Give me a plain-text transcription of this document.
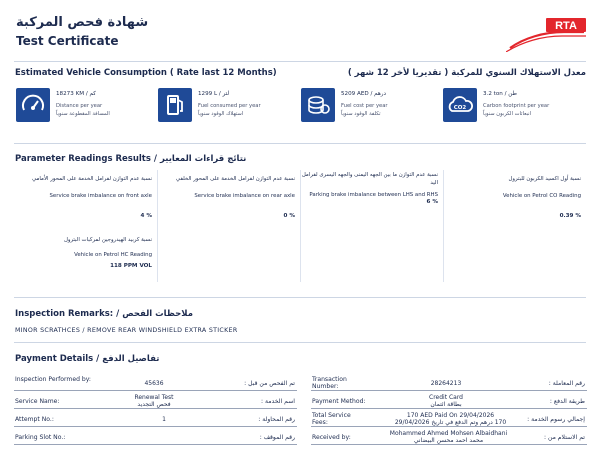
شهادة فحص المركبة
Test Certificate
RTA
Estimated Vehicle Consumption ( Rate last 12 Months)	معدل الاستهلاك السنوي للمركبة ( تقديريا لأخر 12 شهر )
18273 KM / كم
Distance per year
المسافة المقطوعة سنوياً
1299 L / لتر
Fuel consumed per year
استهلاك الوقود سنوياً
5209 AED / درهم
Fuel cost per year
تكلفة الوقود سنوياً
CO2
3.2 ton / طن
Carbon footprint per year
انبعاثات الكربون سنوياً
Parameter Readings Results / نتائج قراءات المعايير
نسبة عدم التوازن لفرامل الخدمة على المحور الأمامي
Service brake imbalance on front axle
4 %
نسبة عدم التوازن لفرامل الخدمة على المحور الخلفي
Service brake imbalance on rear axle
0 %
نسبة عدم التوازن ما بين الجهه اليمنى والجهه اليسرى لفرامل اليد
Parking brake imbalance between LHS and RHS
6 %
نسبة أول اكسيد الكربون للبترول
Vehicle on Petrol CO Reading
0.39 %
نسبة كربيد الهيدروجين لمركبات البترول
Vehicle on Petrol HC Reading
118 PPM VOL
Inspection Remarks: / ملاحظات الفحص
MINOR SCRATHCES / REMOVE REAR WINDSHIELD EXTRA STICKER
Payment Details / تفاصيل الدفع
Inspection Performed by:
45636	تم الفحص من قبل :
Service Name:
Renewal Test
فحص التجديد	اسم الخدمة :
Attempt No.:	1	رقم المحاولة :
Parking Slot No.:	رقم الموقف :
Transaction Number:	28264213	رقم المعاملة :
Payment Method:
Credit Card
بطاقة ائتمان	طريقة الدفع :
Total Service Fees:
170 AED Paid On 29/04/2026
170 درهم وتم الدفع في تاريخ 29/04/2026	إجمالي رسوم الخدمة :
Received by:
Mohammed Ahmed Mohsen Albaidhani
محمد احمد محسن البيضاني	تم الاستلام من :
